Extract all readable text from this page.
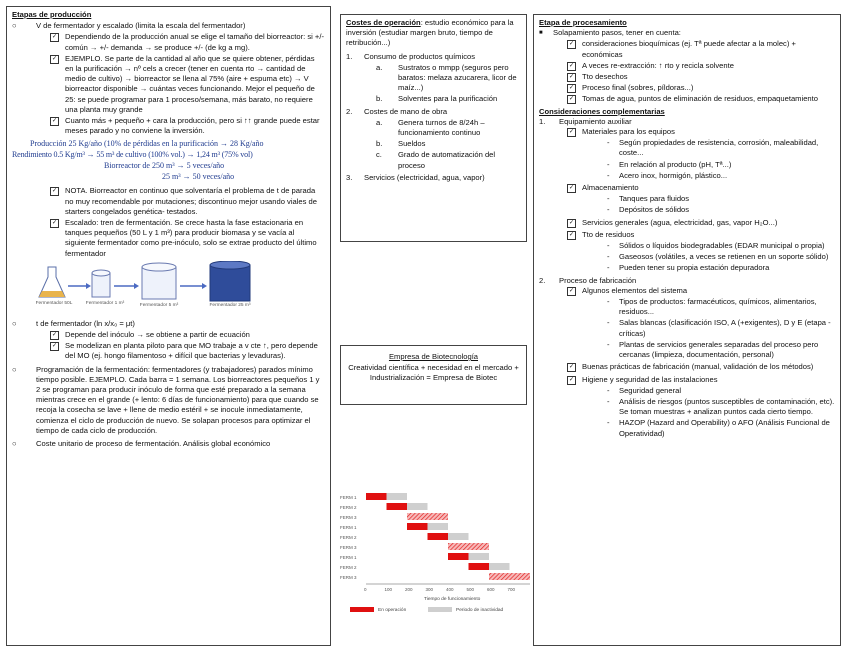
Etapas de producción
○	V de fermentador y escalado (limita la escala del fermentador)
✓ Dependiendo de la producción anual se elige el tamaño del biorreactor: si +/- común → +/- demanda → se produce +/- (de kg a mg).
✓ EJEMPLO. Se parte de la cantidad al año que se quiere obtener, pérdidas en la purificación → nº cels a crecer (tener en cuenta rto → cantidad de medio de cultivo) → biorreactor se llena al 75% (aire + espuma etc) → V biorreactor disponible → cuántas veces funcionando. Mejor el pequeño de 25: se puede programar para 1 proceso/semana, más barato, no requiere una planta muy grande
✓ Cuanto más + pequeño + cara la producción, pero si ↑↑ grande puede estar meses parado y no conviene la inversión.
Producción 25 Kg/año (10% de pérdidas en la purificación → 28 Kg/año
Rendimiento 0.5 Kg/m³ → 55 m³ de cultivo (100% vol.) → 1,24 m³ (75% vol)
Biorreactor de 250 m³ → 5 veces/año
25 m³ → 50 veces/año
✓ NOTA. Biorreactor en continuo que solventaría el problema de t de parada no muy recomendable por mutaciones; discontinuo mejor usando viales de starters congelados genética- testados.
✓ Escalado: tren de fermentación. Se crece hasta la fase estacionaria en tanques pequeños (50 L y 1 m³) para producir biomasa y se vacía al siguiente fermentador como pre-inóculo, solo se extrae producto del último fermentador
Fermentador 50L	Fermentador 1 m³	Fermentador 5 m³	Fermentador 25 m³
○	t de fermentador (ln x/x₀ = μt)
✓ Depende del inóculo → se obtiene a partir de ecuación
✓ Se modelizan en planta piloto para que MO trabaje a v cte ↑, pero depende del MO (ej. hongo filamentoso + difícil que bacterias y levaduras).
○	Programación de la fermentación: fermentadores (y trabajadores) parados mínimo tiempo posible. EJEMPLO. Cada barra = 1 semana. Los biorreactores pequeños 1 y 2 se programan para producir inóculo de forma que esté preparado a la semana mientras crece en el grande (+ lento: 6 días de funcionamiento) para que cuando se recoja la cosecha se lave + llene de medio estéril + se inocule inmediatamente, comienza el ciclo de producción de nuevo. Se solapan procesos para optimizar el tiempo de cada ciclo de producción.
○	Coste unitario de proceso de fermentación. Análisis global económico
Costes de operación: estudio económico para la inversión (estudiar margen bruto, tiempo de retribución...)
1.	Consumo de productos químicos
a.	Sustratos o mmpp (seguros pero baratos: melaza azucarera, licor de maíz...)
b.	Solventes para la purificación
2.	Costes de mano de obra
a.	Genera turnos de 8/24h – funcionamiento continuo
b.	Sueldos
c.	Grado de automatización del proceso
3.	Servicios (electricidad, agua, vapor)
Empresa de Biotecnología
Creatividad científica + necesidad en el mercado + Industrialización = Empresa de Biotec
FERM 1
FERM 2
FERM 3
FERM 1
FERM 2
FERM 3
FERM 1
FERM 2
FERM 3
0	100	200	300	400	500	600	700
Tiempo de funcionamiento
En operación	Periodo de inactividad
Etapa de procesamiento
■	Solapamiento pasos, tener en cuenta:
✓ consideraciones bioquímicas (ej. Tª puede afectar a la molec) + económicas
✓ A veces re-extracción: ↑ rto y recicla solvente
✓ Tto desechos
✓ Proceso final (sobres, píldoras...)
✓ Tomas de agua, puntos de eliminación de residuos, empaquetamiento
Consideraciones complementarias
1.	Equipamiento auxiliar
✓ Materiales para los equipos
-	Según propiedades de resistencia, corrosión, maleabilidad, coste...
-	En relación al producto (pH, Tª...)
-	Acero inox, hormigón, plástico...
✓ Almacenamiento
-	Tanques para fluidos
-	Depósitos de sólidos
✓ Servicios generales (agua, electricidad, gas, vapor H₂O...)
✓ Tto de residuos
-	Sólidos o líquidos biodegradables (EDAR municipal o propia)
-	Gaseosos (volátiles, a veces se retienen en un soporte sólido)
-	Pueden tener su propia estación depuradora
2.	Proceso de fabricación
✓ Algunos elementos del sistema
-	Tipos de productos: farmacéuticos, químicos, alimentarios, residuos...
-	Salas blancas (clasificación ISO, A (+exigentes), D y E (etapa - críticas)
-	Plantas de servicios generales separadas del proceso pero cercanas (limpieza, documentación, personal)
✓ Buenas prácticas de fabricación (manual, validación de los métodos)
✓ Higiene y seguridad de las instalaciones
-	Seguridad general
-	Análisis de riesgos (puntos susceptibles de contaminación, etc). Se toman muestras + analizan puntos cada cierto tiempo.
-	HAZOP (Hazard and Operability) o AFO (Análisis Funcional de Operatividad)
